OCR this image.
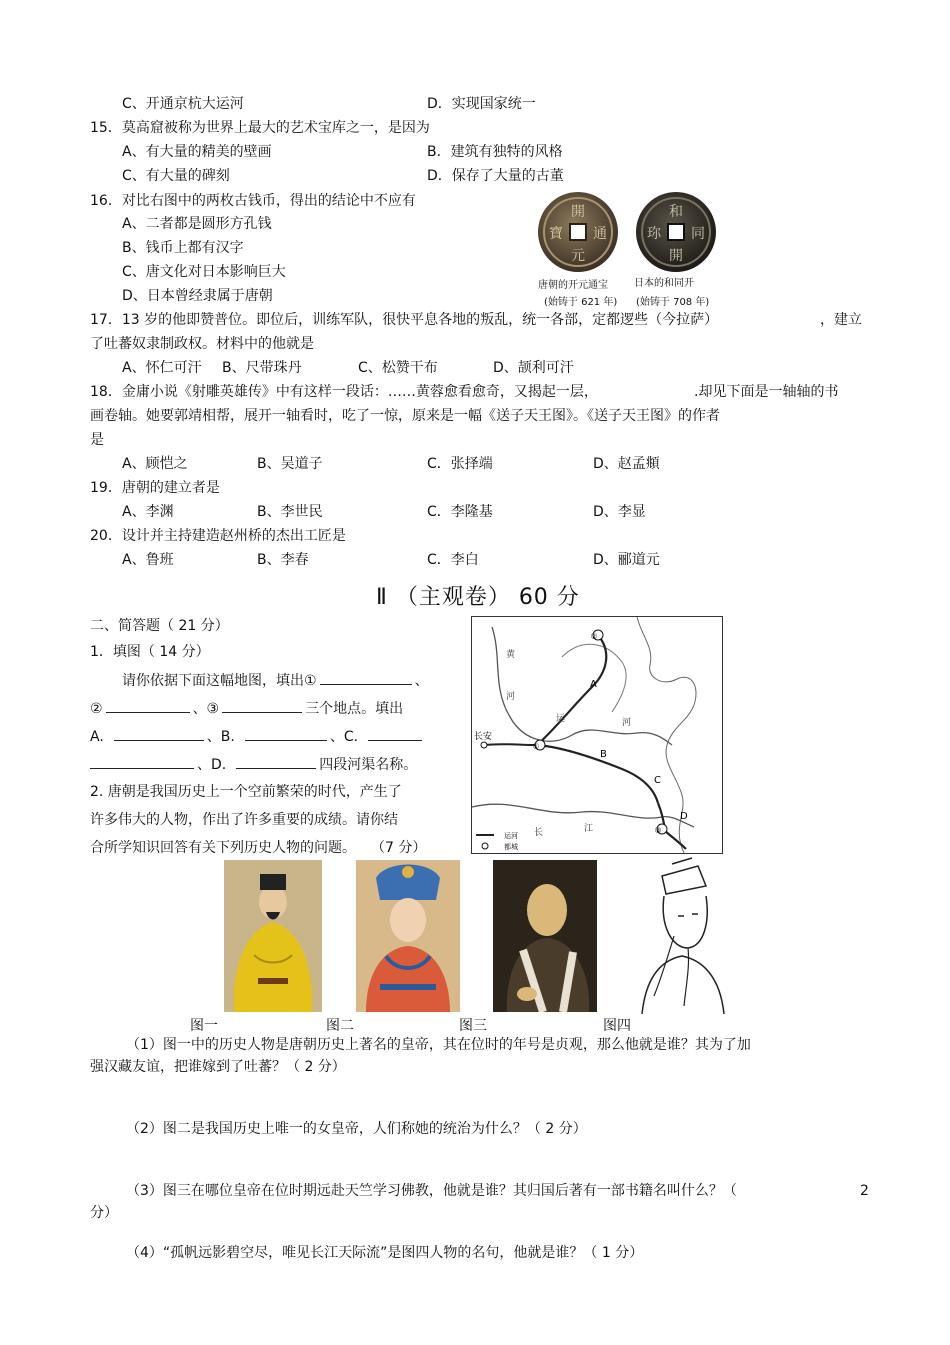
C、开通京杭大运河	D．实现国家统一
15．莫高窟被称为世界上最大的艺术宝库之一，是因为
A、有大量的精美的壁画	B．建筑有独特的风格
C、有大量的碑刻	D．保存了大量的古董
16．对比右图中的两枚古钱币，得出的结论中不应有
A、二者都是圆形方孔钱
B、钱币上都有汉字
C、唐文化对日本影响巨大
D、日本曾经隶属于唐朝
開
元
寶 通
和
開
珎 同
唐朝的开元通宝
(始铸于 621 年)
日本的和同开
(始铸于 708 年)
17．13 岁的他即赞普位。即位后，训练军队，很快平息各地的叛乱，统一各部，定都逻些（今拉萨）	，建立
了吐蕃奴隶制政权。材料中的他就是
A、怀仁可汗 B、尺带珠丹	C、松赞干布	D、颉利可汗
18．金庸小说《射雕英雄传》中有这样一段话：……黄蓉愈看愈奇，又揭起一层，	.却见下面是一轴轴的书
画卷轴。她要郭靖相帮，展开一轴看时，吃了一惊，原来是一幅《送子天王图》。《送子天王图》的作者
是
A、顾恺之	B、吴道子	C．张择端	D、赵孟頫
19．唐朝的建立者是
A、李渊	B、李世民	C．李隆基	D、李显
20．设计并主持建造赵州桥的杰出工匠是
A、鲁班	B、李春	C．李白	D、郦道元
Ⅱ （主观卷） 60 分
二、简答题（ 21 分）
1．填图（ 14 分）
请你依据下面这幅地图，填出①	、
②	、③	三个地点。填出
A.	、B.	、C.
、D.	四段河渠名称。
长安
①
②
③
A
B
C
D
黄
河
运	河
长	江
运河
都城
2. 唐朝是我国历史上一个空前繁荣的时代，产生了
许多伟大的人物，作出了许多重要的成绩。请你结
合所学知识回答有关下列历史人物的问题。 （7 分）
图一	图二	图三	图四
（1）图一中的历史人物是唐朝历史上著名的皇帝，其在位时的年号是贞观，那么他就是谁？其为了加
强汉藏友谊，把谁嫁到了吐蕃？（ 2 分）
（2）图二是我国历史上唯一的女皇帝，人们称她的统治为什么？（ 2 分）
（3）图三在哪位皇帝在位时期远赴天竺学习佛教，他就是谁？其归国后著有一部书籍名叫什么？（	2
分）
（4）“孤帆远影碧空尽，唯见长江天际流”是图四人物的名句，他就是谁？（ 1 分）
